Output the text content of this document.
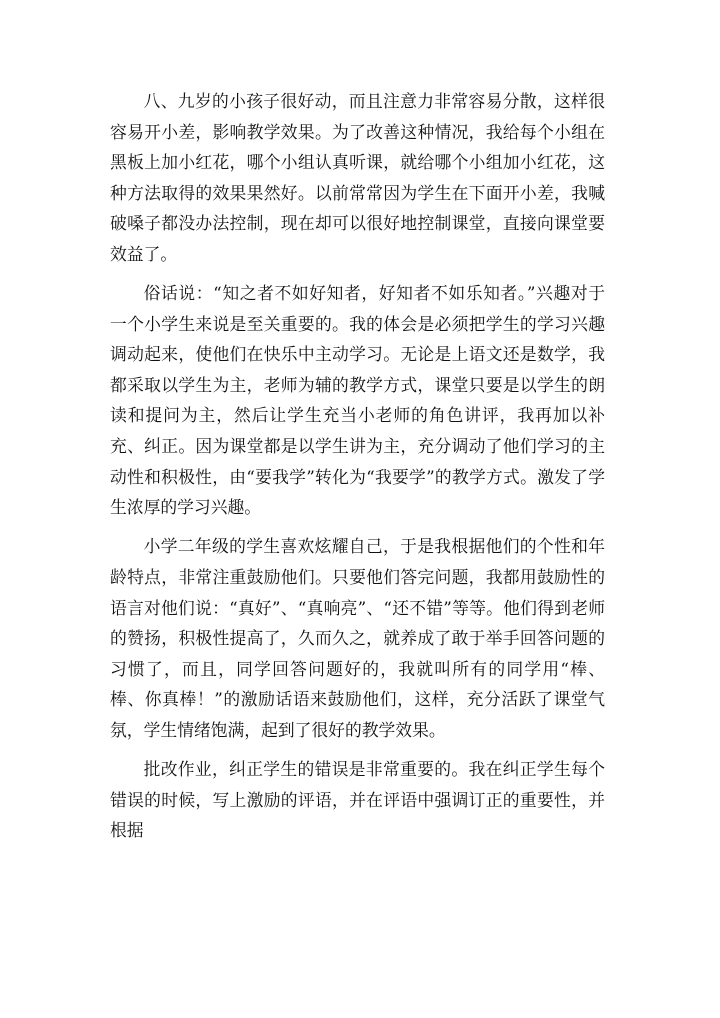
八、九岁的小孩子很好动，而且注意力非常容易分散，这样很容易开小差，影响教学效果。为了改善这种情况，我给每个小组在黑板上加小红花，哪个小组认真听课，就给哪个小组加小红花，这种方法取得的效果果然好。以前常常因为学生在下面开小差，我喊破嗓子都没办法控制，现在却可以很好地控制课堂，直接向课堂要效益了。

俗话说：“知之者不如好知者，好知者不如乐知者。”兴趣对于一个小学生来说是至关重要的。我的体会是必须把学生的学习兴趣调动起来，使他们在快乐中主动学习。无论是上语文还是数学，我都采取以学生为主，老师为辅的教学方式，课堂只要是以学生的朗读和提问为主，然后让学生充当小老师的角色讲评，我再加以补充、纠正。因为课堂都是以学生讲为主，充分调动了他们学习的主动性和积极性，由“要我学”转化为“我要学”的教学方式。激发了学生浓厚的学习兴趣。

小学二年级的学生喜欢炫耀自己，于是我根据他们的个性和年龄特点，非常注重鼓励他们。只要他们答完问题，我都用鼓励性的语言对他们说：“真好”、“真响亮”、“还不错”等等。他们得到老师的赞扬，积极性提高了，久而久之，就养成了敢于举手回答问题的习惯了，而且，同学回答问题好的，我就叫所有的同学用“棒、棒、你真棒！”的激励话语来鼓励他们，这样，充分活跃了课堂气氛，学生情绪饱满，起到了很好的教学效果。

批改作业，纠正学生的错误是非常重要的。我在纠正学生每个错误的时候，写上激励的评语，并在评语中强调订正的重要性，并根据
